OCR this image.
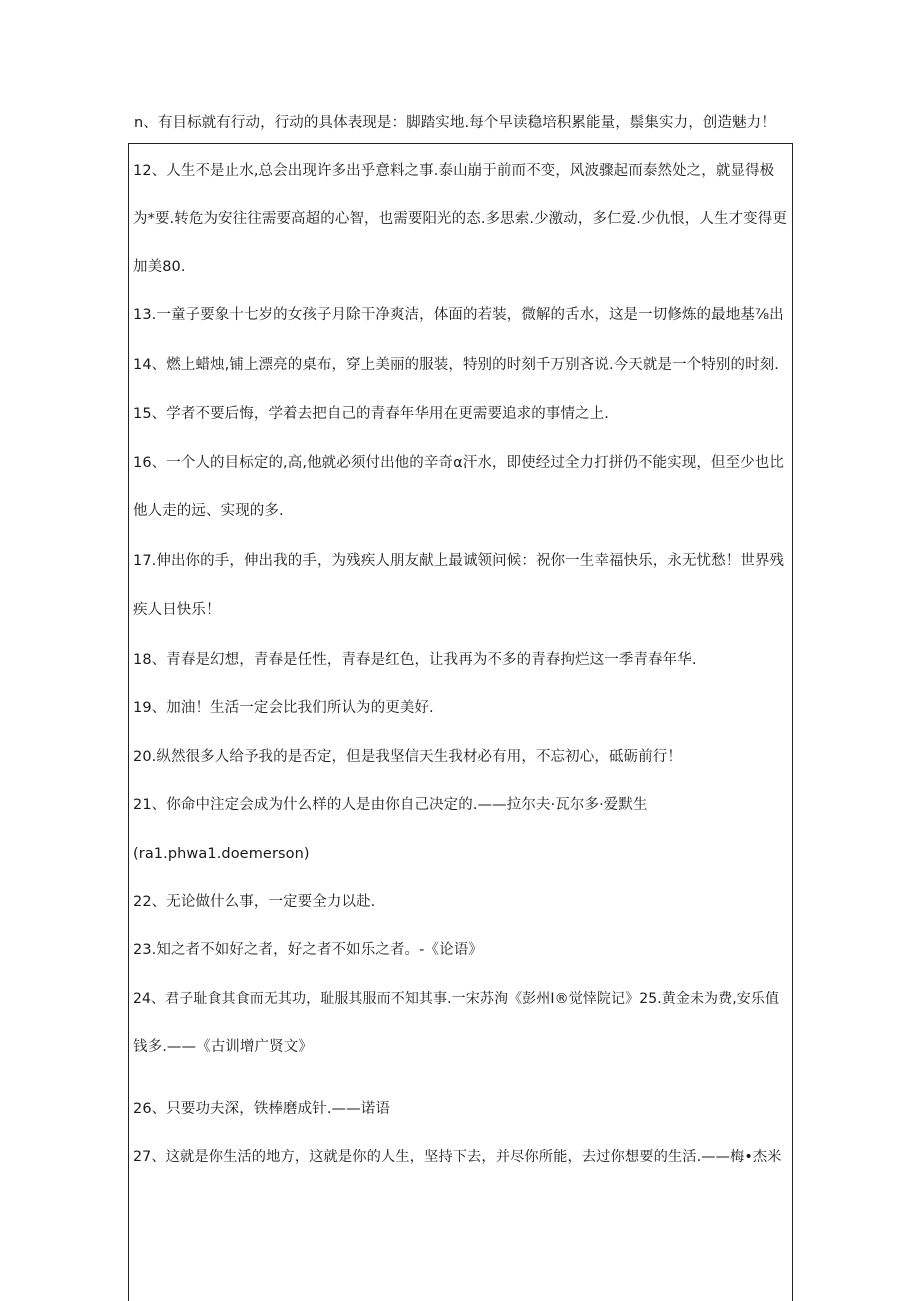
n、有目标就有行动，行动的具体表现是：脚踏实地.每个早读稳培积累能量，鬃集实力，创造魅力！
12、人生不是止水,总会出现许多出乎意料之事.泰山崩于前而不变，风波骤起而泰然处之，就显得极
为*要.转危为安往往需要高超的心智，也需要阳光的态.多思索.少激动，多仁爱.少仇恨，人生才变得更
加美80.
13.一童子要象十七岁的女孩子月除干净爽洁，体面的若装，微解的舌水，这是一切修炼的最地基⅞出
14、燃上蜡烛,铺上漂亮的桌布，穿上美丽的服装，特别的时刻千万别吝说.今天就是一个特别的时刻.
15、学者不要后悔，学着去把自己的青春年华用在更需要追求的事情之上.
16、一个人的目标定的,高,他就必须付出他的辛奇α汗水，即使经过全力打拼仍不能实现，但至少也比
他人走的远、实现的多.
17.伸出你的手，伸出我的手，为残疾人朋友献上最诚领问候：祝你一生幸福快乐，永无忧愁！世界残
疾人日快乐！
18、青春是幻想，青春是任性，青春是红色，让我再为不多的青春拘烂这一季青春年华.
19、加油！生活一定会比我们所认为的更美好.
20.纵然很多人给予我的是否定，但是我坚信天生我材必有用，不忘初心，砥砺前行！
21、你命中注定会成为什么样的人是由你自己决定的.——拉尔夫·瓦尔多·爱默生
(ra1.phwa1.doemerson)
22、无论做什么事，一定要全力以赴.
23.知之者不如好之者，好之者不如乐之者。-《论语》
24、君子耻食其食而无其功，耻服其服而不知其事.一宋苏洵《彭州I®觉悻院记》25.黄金未为费,安乐值
钱多.——《古训增广贤文》
26、只要功夫深，铁棒磨成针.——诺语
27、这就是你生活的地方，这就是你的人生，坚持下去，并尽你所能，去过你想要的生活.——梅•杰米
